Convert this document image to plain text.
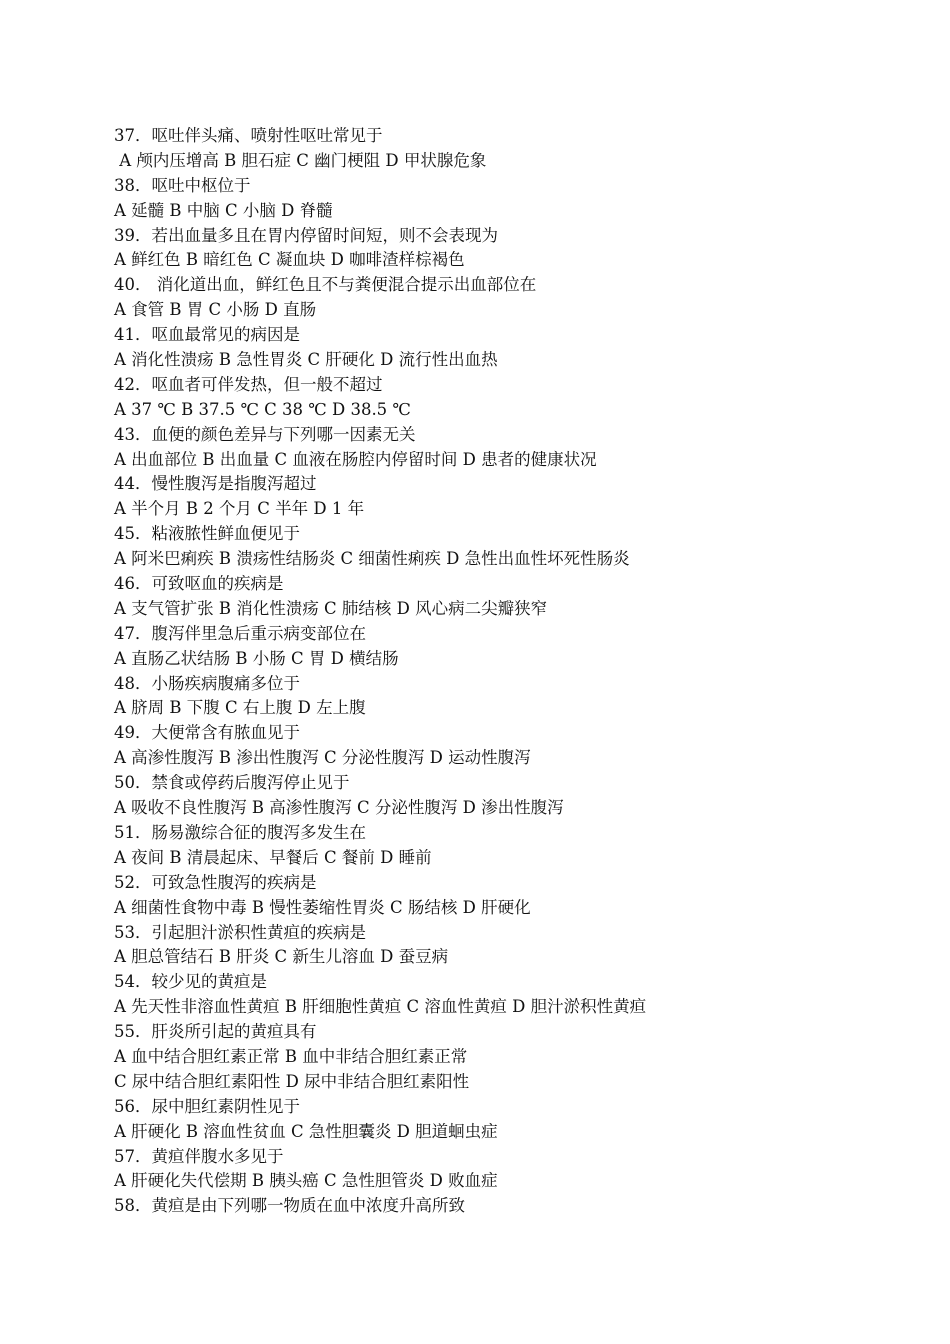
37．呕吐伴头痛、喷射性呕吐常见于
A 颅内压增高 B 胆石症 C 幽门梗阻 D 甲状腺危象
38．呕吐中枢位于
A 延髓 B 中脑 C 小脑 D 脊髓
39．若出血量多且在胃内停留时间短，则不会表现为
A 鲜红色 B 暗红色 C 凝血块 D 咖啡渣样棕褐色
40． 消化道出血，鲜红色且不与粪便混合提示出血部位在
A 食管 B 胃 C 小肠 D 直肠
41．呕血最常见的病因是
A 消化性溃疡 B 急性胃炎 C 肝硬化 D 流行性出血热
42．呕血者可伴发热，但一般不超过
A 37 ℃ B 37.5 ℃ C 38 ℃ D 38.5 ℃
43．血便的颜色差异与下列哪一因素无关
A 出血部位 B 出血量 C 血液在肠腔内停留时间 D 患者的健康状况
44．慢性腹泻是指腹泻超过
A 半个月 B 2 个月 C 半年 D 1 年
45．粘液脓性鲜血便见于
A 阿米巴痢疾 B 溃疡性结肠炎 C 细菌性痢疾 D 急性出血性坏死性肠炎
46．可致呕血的疾病是
A 支气管扩张 B 消化性溃疡 C 肺结核 D 风心病二尖瓣狭窄
47．腹泻伴里急后重示病变部位在
A 直肠乙状结肠 B 小肠 C 胃 D 横结肠
48．小肠疾病腹痛多位于
A 脐周 B 下腹 C 右上腹 D 左上腹
49．大便常含有脓血见于
A 高渗性腹泻 B 渗出性腹泻 C 分泌性腹泻 D 运动性腹泻
50．禁食或停药后腹泻停止见于
A 吸收不良性腹泻 B 高渗性腹泻 C 分泌性腹泻 D 渗出性腹泻
51．肠易激综合征的腹泻多发生在
A 夜间 B 清晨起床、早餐后 C 餐前 D 睡前
52．可致急性腹泻的疾病是
A 细菌性食物中毒 B 慢性萎缩性胃炎 C 肠结核 D 肝硬化
53．引起胆汁淤积性黄疸的疾病是
A 胆总管结石 B 肝炎 C 新生儿溶血 D 蚕豆病
54．较少见的黄疸是
A 先天性非溶血性黄疸 B 肝细胞性黄疸 C 溶血性黄疸 D 胆汁淤积性黄疸
55．肝炎所引起的黄疸具有
A 血中结合胆红素正常 B 血中非结合胆红素正常
C 尿中结合胆红素阳性 D 尿中非结合胆红素阳性
56．尿中胆红素阴性见于
A 肝硬化 B 溶血性贫血 C 急性胆囊炎 D 胆道蛔虫症
57．黄疸伴腹水多见于
A 肝硬化失代偿期 B 胰头癌 C 急性胆管炎 D 败血症
58．黄疸是由下列哪一物质在血中浓度升高所致
